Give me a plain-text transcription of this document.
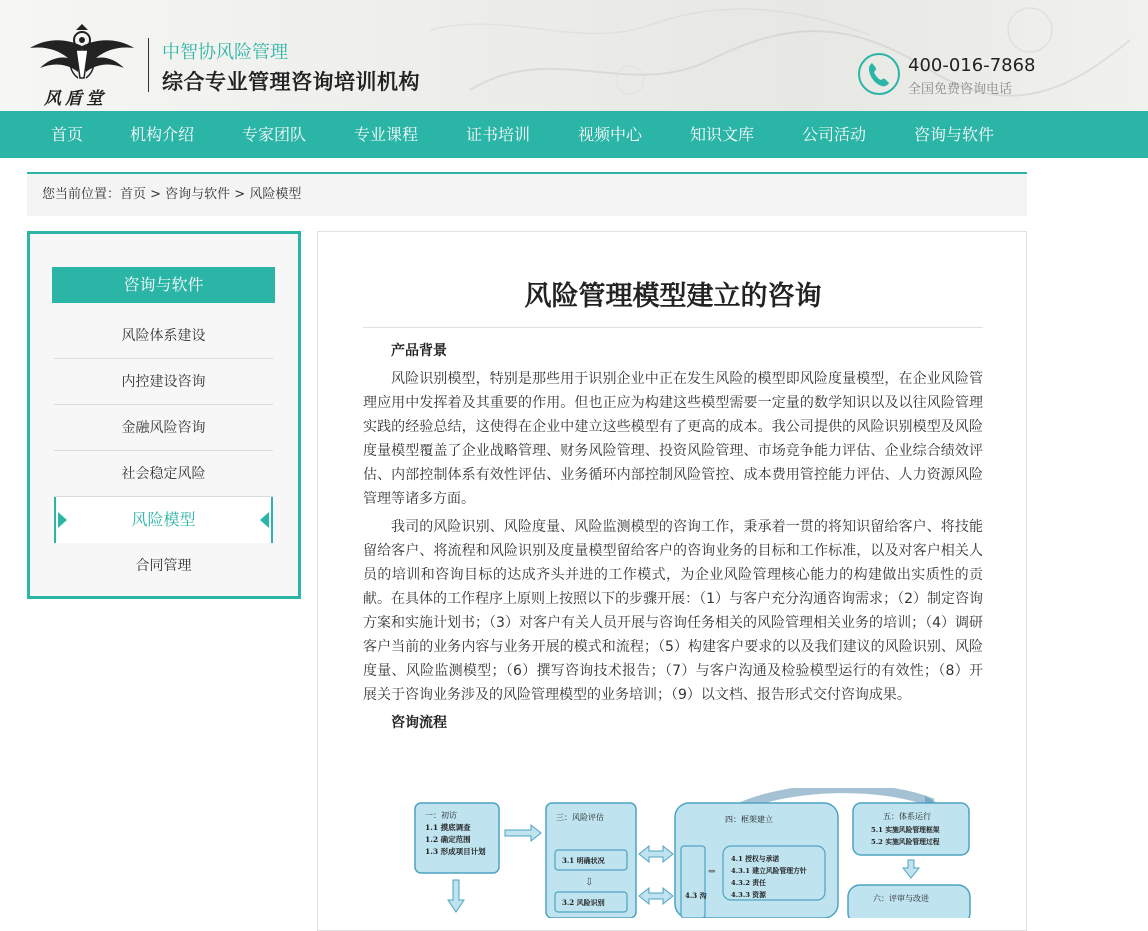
风盾堂
中智协风险管理
综合专业管理咨询培训机构
400-016-7868
全国免费咨询电话
首页	机构介绍	专家团队	专业课程	证书培训	视频中心	知识文库	公司活动	咨询与软件
您当前位置：首页 > 咨询与软件 > 风险模型
咨询与软件
风险体系建设
内控建设咨询
金融风险咨询
社会稳定风险
风险模型
合同管理
风险管理模型建立的咨询
产品背景

风险识别模型，特别是那些用于识别企业中正在发生风险的模型即风险度量模型，在企业风险管理应用中发挥着及其重要的作用。但也正应为构建这些模型需要一定量的数学知识以及以往风险管理实践的经验总结，这使得在企业中建立这些模型有了更高的成本。我公司提供的风险识别模型及风险度量模型覆盖了企业战略管理、财务风险管理、投资风险管理、市场竞争能力评估、企业综合绩效评估、内部控制体系有效性评估、业务循环内部控制风险管控、成本费用管控能力评估、人力资源风险管理等诸多方面。

我司的风险识别、风险度量、风险监测模型的咨询工作，秉承着一贯的将知识留给客户、将技能留给客户、将流程和风险识别及度量模型留给客户的咨询业务的目标和工作标准，以及对客户相关人员的培训和咨询目标的达成齐头并进的工作模式，为企业风险管理核心能力的构建做出实质性的贡献。在具体的工作程序上原则上按照以下的步骤开展：（1）与客户充分沟通咨询需求；（2）制定咨询方案和实施计划书；（3）对客户有关人员开展与咨询任务相关的风险管理相关业务的培训；（4）调研客户当前的业务内容与业务开展的模式和流程；（5）构建客户要求的以及我们建议的风险识别、风险度量、风险监测模型；（6）撰写咨询技术报告；（7）与客户沟通及检验模型运行的有效性；（8）开展关于咨询业务涉及的风险管理模型的业务培训；（9）以文档、报告形式交付咨询成果。

咨询流程
一：初访
1.1 摸底调查
1.2 确定范围
1.3 形成项目计划
三：风险评估
3.1 明确状况
⇩
3.2 风险识别
四：框架建立
4.3 沟
⇔
4.1 授权与承诺
4.3.1 建立风险管理方针
4.3.2 责任
4.3.3 资源
五：体系运行
5.1 实施风险管理框架
5.2 实施风险管理过程
六：评审与改进
